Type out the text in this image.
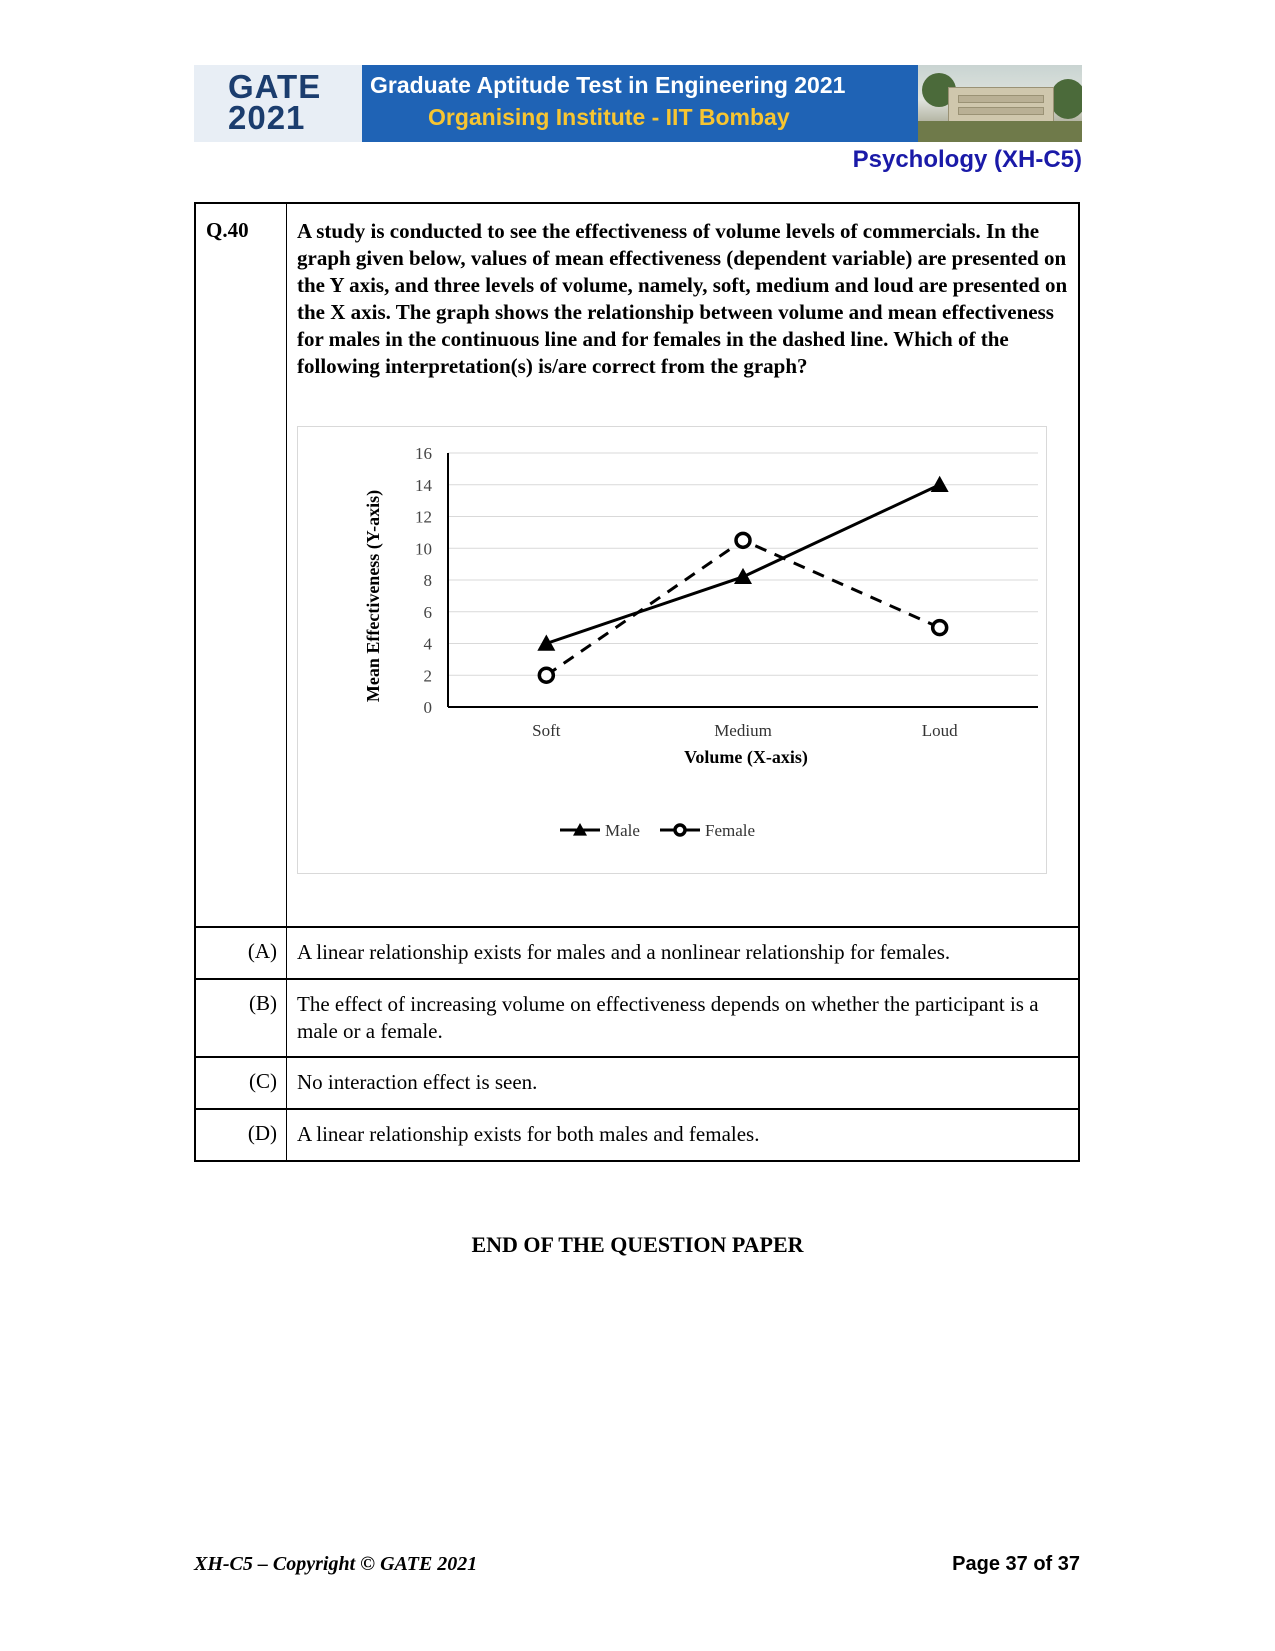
GATE
2021
Graduate Aptitude Test in Engineering 2021
Organising Institute - IIT Bombay
Psychology (XH-C5)
Q.40	A study is conducted to see the effectiveness of volume levels of commercials. In the graph given below, values of mean effectiveness (dependent variable) are presented on the Y axis, and three levels of volume, namely, soft, medium and loud are presented on the X axis. The graph shows the relationship between volume and mean effectiveness for males in the continuous line and for females in the dashed line. Which of the following interpretation(s) is/are correct from the graph?
0
2
4
6
8
10
12
14
16
Soft	Medium	Loud
Volume (X-axis)
Mean Effectiveness (Y-axis)
Male	Female
(A) A linear relationship exists for males and a nonlinear relationship for females.
(B) The effect of increasing volume on effectiveness depends on whether the participant is a male or a female.
(C) No interaction effect is seen.
(D) A linear relationship exists for both males and females.
END OF THE QUESTION PAPER
XH-C5 – Copyright © GATE 2021	Page 37 of 37
